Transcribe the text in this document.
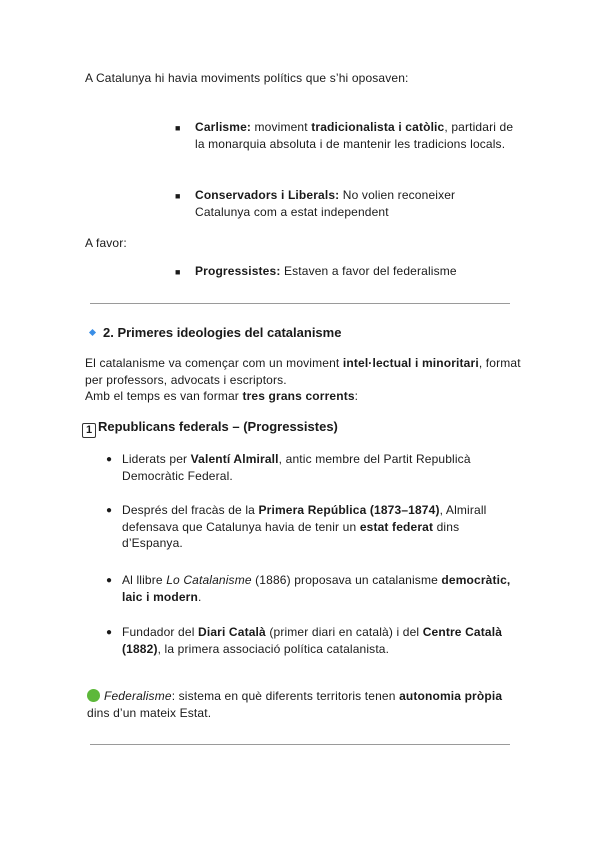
A Catalunya hi havia moviments polítics que s’hi oposaven:
■ Carlisme: moviment tradicionalista i catòlic, partidari de la monarquia absoluta i de mantenir les tradicions locals.
■ Conservadors i Liberals: No volien reconeixer Catalunya com a estat independent
A favor:
■ Progressistes: Estaven a favor del federalisme
2. Primeres ideologies del catalanisme
El catalanisme va començar com un moviment intel·lectual i minoritari, format per professors, advocats i escriptors.
Amb el temps es van formar tres grans corrents:
1 Republicans federals – (Progressistes)
● Liderats per Valentí Almirall, antic membre del Partit Republicà Democràtic Federal.
● Després del fracàs de la Primera República (1873–1874), Almirall defensava que Catalunya havia de tenir un estat federat dins d’Espanya.
● Al llibre Lo Catalanisme (1886) proposava un catalanisme democràtic, laic i modern.
● Fundador del Diari Català (primer diari en català) i del Centre Català (1882), la primera associació política catalanista.
Federalisme: sistema en què diferents territoris tenen autonomia pròpia dins d’un mateix Estat.
